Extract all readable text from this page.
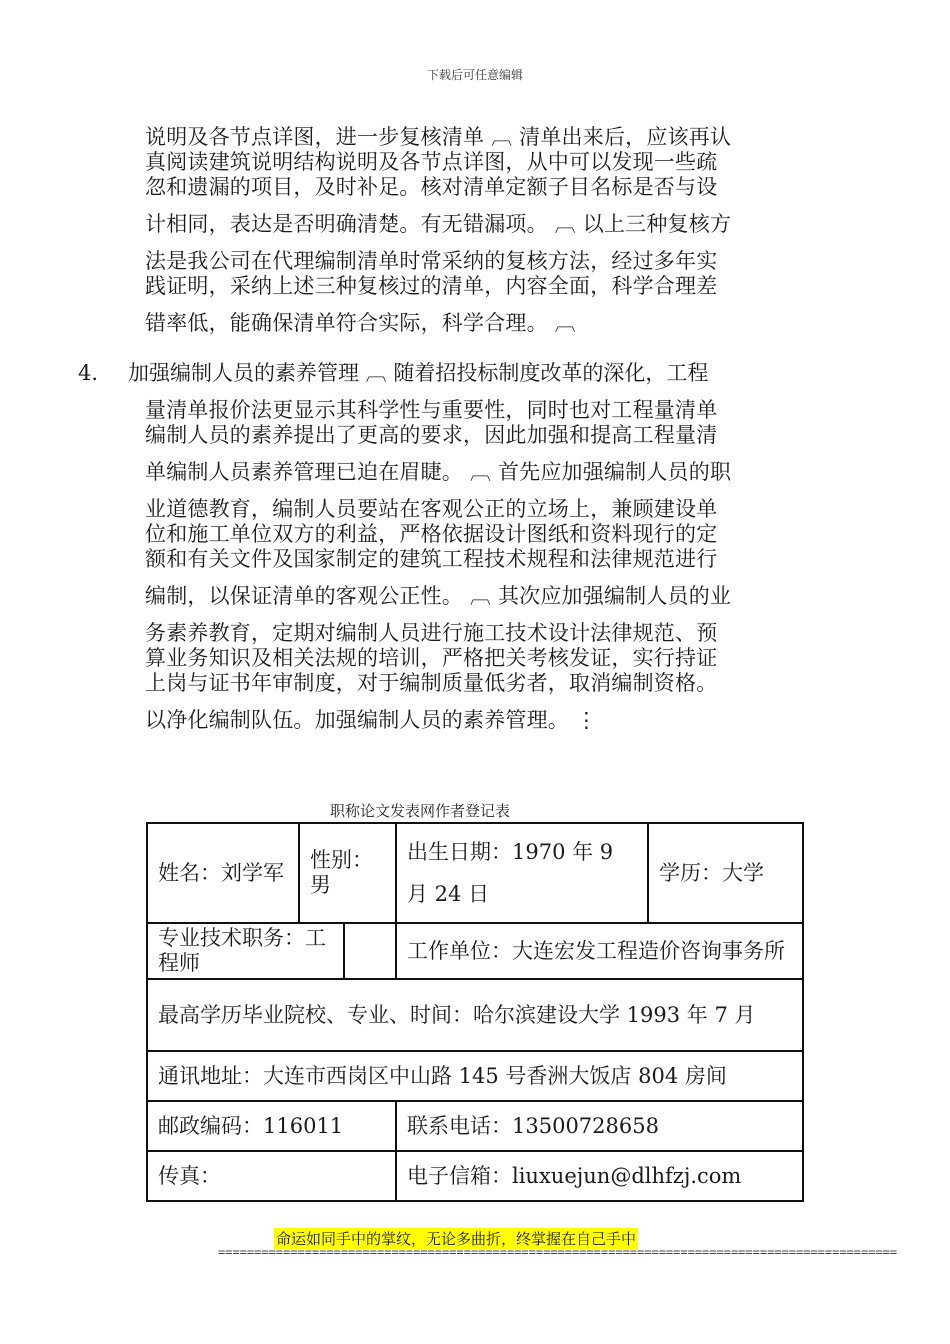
下载后可任意编辑

说明及各节点详图，进一步复核清单 ︹ 清单出来后，应该再认

真阅读建筑说明结构说明及各节点详图，从中可以发现一些疏

忽和遗漏的项目，及时补足。核对清单定额子目名标是否与设

计相同，表达是否明确清楚。有无错漏项。 ︹ 以上三种复核方

法是我公司在代理编制清单时常采纳的复核方法，经过多年实

践证明，采纳上述三种复核过的清单，内容全面，科学合理差

错率低，能确保清单符合实际，科学合理。 ︹

4. 加强编制人员的素养管理 ︹ 随着招投标制度改革的深化，工程

量清单报价法更显示其科学性与重要性，同时也对工程量清单

编制人员的素养提出了更高的要求，因此加强和提高工程量清

单编制人员素养管理已迫在眉睫。 ︹ 首先应加强编制人员的职

业道德教育，编制人员要站在客观公正的立场上，兼顾建设单

位和施工单位双方的利益，严格依据设计图纸和资料现行的定

额和有关文件及国家制定的建筑工程技术规程和法律规范进行

编制，以保证清单的客观公正性。 ︹ 其次应加强编制人员的业

务素养教育，定期对编制人员进行施工技术设计法律规范、预

算业务知识及相关法规的培训，严格把关考核发证，实行持证

上岗与证书年审制度，对于编制质量低劣者，取消编制资格。

以净化编制队伍。加强编制人员的素养管理。 ⋮

职称论文发表网作者登记表
姓名：刘学军	性别：男	出生日期：1970 年 9 月 24 日	学历：大学

专业技术职务：工程师	
	工作单位：大连宏发工程造价咨询事务所
最高学历毕业院校、专业、时间：哈尔滨建设大学 1993 年 7 月
通讯地址：大连市西岗区中山路 145 号香洲大饭店 804 房间
邮政编码：116011	联系电话：13500728658
传真：	电子信箱：liuxuejun@dlhfzj.com
命运如同手中的掌纹，无论多曲折，终掌握在自己手中
==============================================================================================
